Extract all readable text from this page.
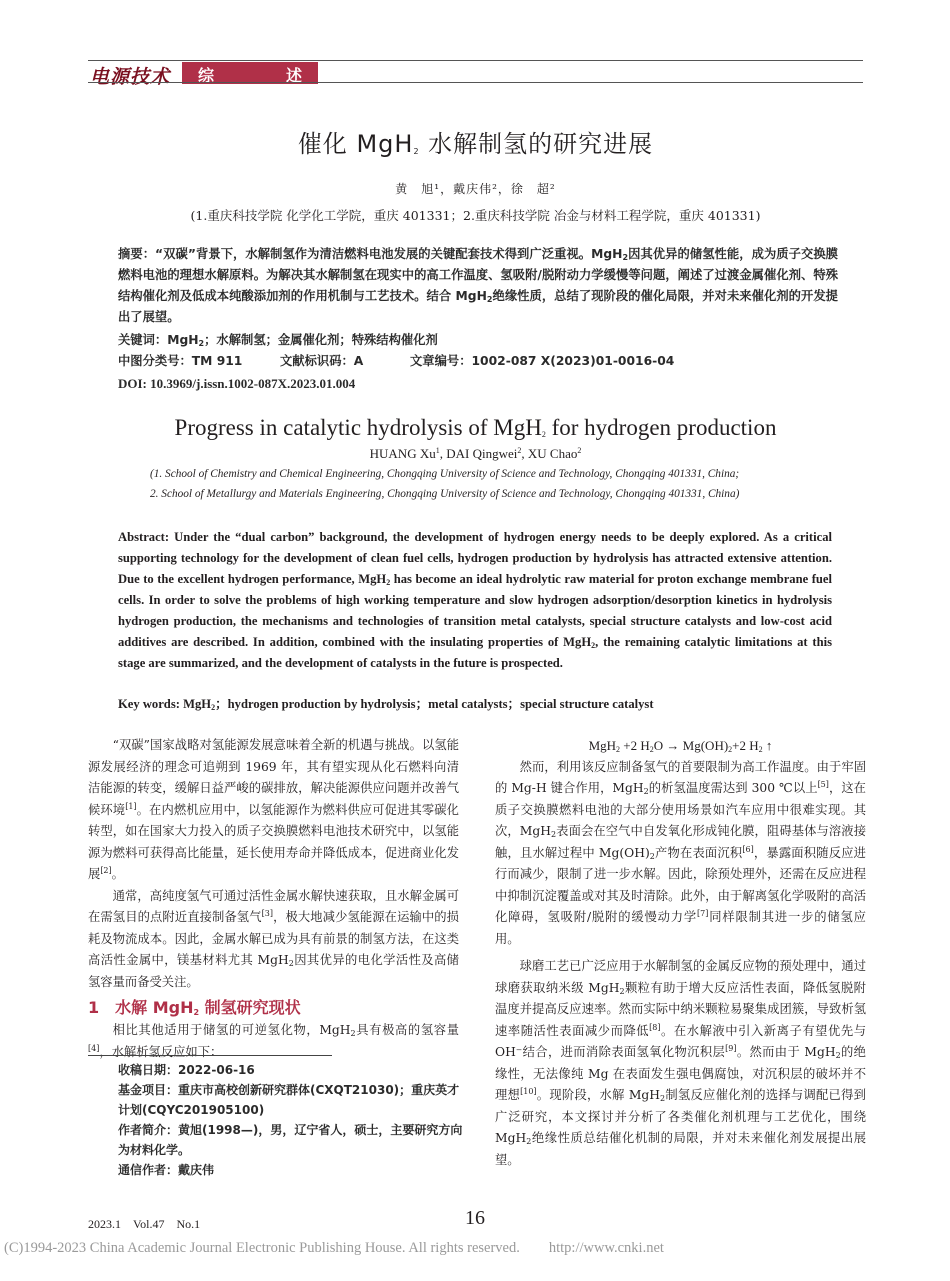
电源技术 综	述
催化 MgH$_2$ 水解制氢的研究进展
黄　旭¹，戴庆伟²，徐　超²
(1.重庆科技学院 化学化工学院，重庆 401331；2.重庆科技学院 冶金与材料工程学院，重庆 401331)
摘要：“双碳”背景下，水解制氢作为清洁燃料电池发展的关键配套技术得到广泛重视。MgH$_2$因其优异的储氢性能，成为质子交换膜燃料电池的理想水解原料。为解决其水解制氢在现实中的高工作温度、氢吸附/脱附动力学缓慢等问题，阐述了过渡金属催化剂、特殊结构催化剂及低成本纯酸添加剂的作用机制与工艺技术。结合 MgH$_2$绝缘性质，总结了现阶段的催化局限，并对未来催化剂的开发提出了展望。
关键词：MgH$_2$；水解制氢；金属催化剂；特殊结构催化剂
中图分类号：TM 911	文献标识码：A	文章编号：1002-087 X(2023)01-0016-04
DOI: 10.3969/j.issn.1002-087X.2023.01.004
Progress in catalytic hydrolysis of MgH$_2$ for hydrogen production
HUANG Xu$^1$, DAI Qingwei$^2$, XU Chao$^2$
(1. School of Chemistry and Chemical Engineering, Chongqing University of Science and Technology, Chongqing 401331, China;
2. School of Metallurgy and Materials Engineering, Chongqing University of Science and Technology, Chongqing 401331, China)
Abstract: Under the “dual carbon” background, the development of hydrogen energy needs to be deeply explored. As a critical supporting technology for the development of clean fuel cells, hydrogen production by hydrolysis has attracted extensive attention. Due to the excellent hydrogen performance, MgH$_2$ has become an ideal hydrolytic raw material for proton exchange membrane fuel cells. In order to solve the problems of high working temperature and slow hydrogen adsorption/desorption kinetics in hydrolysis hydrogen production, the mechanisms and technologies of transition metal catalysts, special structure catalysts and low-cost acid additives are described. In addition, combined with the insulating properties of MgH$_2$, the remaining catalytic limitations at this stage are summarized, and the development of catalysts in the future is prospected.
Key words: MgH$_2$；hydrogen production by hydrolysis；metal catalysts；special structure catalyst

“双碳”国家战略对氢能源发展意味着全新的机遇与挑战。以氢能源发展经济的理念可追朔到 1969 年，其有望实现从化石燃料向清洁能源的转变，缓解日益严峻的碳排放，解决能源供应问题并改善气候环境[1]。在内燃机应用中，以氢能源作为燃料供应可促进其零碳化转型，如在国家大力投入的质子交换膜燃料电池技术研究中，以氢能源为燃料可获得高比能量，延长使用寿命并降低成本，促进商业化发展[2]。

通常，高纯度氢气可通过活性金属水解快速获取，且水解金属可在需氢目的点附近直接制备氢气[3]，极大地减少氢能源在运输中的损耗及物流成本。因此，金属水解已成为具有前景的制氢方法，在这类高活性金属中，镁基材料尤其 MgH$_2$因其优异的电化学活性及高储氢容量而备受关注。

1　水解 MgH$_2$ 制氢研究现状

相比其他适用于储氢的可逆氢化物，MgH$_2$具有极高的氢容量[4]，水解析氢反应如下：

收稿日期：2022-06-16

基金项目：重庆市高校创新研究群体(CXQT21030)；重庆英才计划(CQYC201905100)

作者简介：黄旭(1998—)，男，辽宁省人，硕士，主要研究方向为材料化学。

通信作者：戴庆伟

MgH$_2$ +2 $H_2O \to Mg(OH)_2+2$ $H_2$ ↑

然而，利用该反应制备氢气的首要限制为高工作温度。由于牢固的 Mg-H 键合作用，MgH$_2$的析氢温度需达到 300 ℃以上[5]，这在质子交换膜燃料电池的大部分使用场景如汽车应用中很难实现。其次，MgH$_2$表面会在空气中自发氧化形成钝化膜，阻碍基体与溶液接触，且水解过程中 $Mg(OH)_2$产物在表面沉积[6]，暴露面积随反应进行而减少，限制了进一步水解。因此，除预处理外，还需在反应进程中抑制沉淀覆盖或对其及时清除。此外，由于解离氢化学吸附的高活化障碍，氢吸附/脱附的缓慢动力学[7]同样限制其进一步的储氢应用。

球磨工艺已广泛应用于水解制氢的金属反应物的预处理中，通过球磨获取纳米级 MgH$_2$颗粒有助于增大反应活性表面，降低氢脱附温度并提高反应速率。然而实际中纳米颗粒易聚集成团簇，导致析氢速率随活性表面减少而降低[8]。在水解液中引入新离子有望优先与 OH⁻结合，进而消除表面氢氧化物沉积层[9]。然而由于 MgH$_2$的绝缘性，无法像纯 Mg 在表面发生强电偶腐蚀，对沉积层的破坏并不理想[10]。现阶段，水解 MgH$_2$制氢反应催化剂的选择与调配已得到广泛研究，本文探讨并分析了各类催化剂机理与工艺优化，围绕 MgH$_2$绝缘性质总结催化机制的局限，并对未来催化剂发展提出展望。

2023.1　Vol.47　No.1	16
(C)1994-2023 China Academic Journal Electronic Publishing House. All rights reserved.　　http://www.cnki.net
